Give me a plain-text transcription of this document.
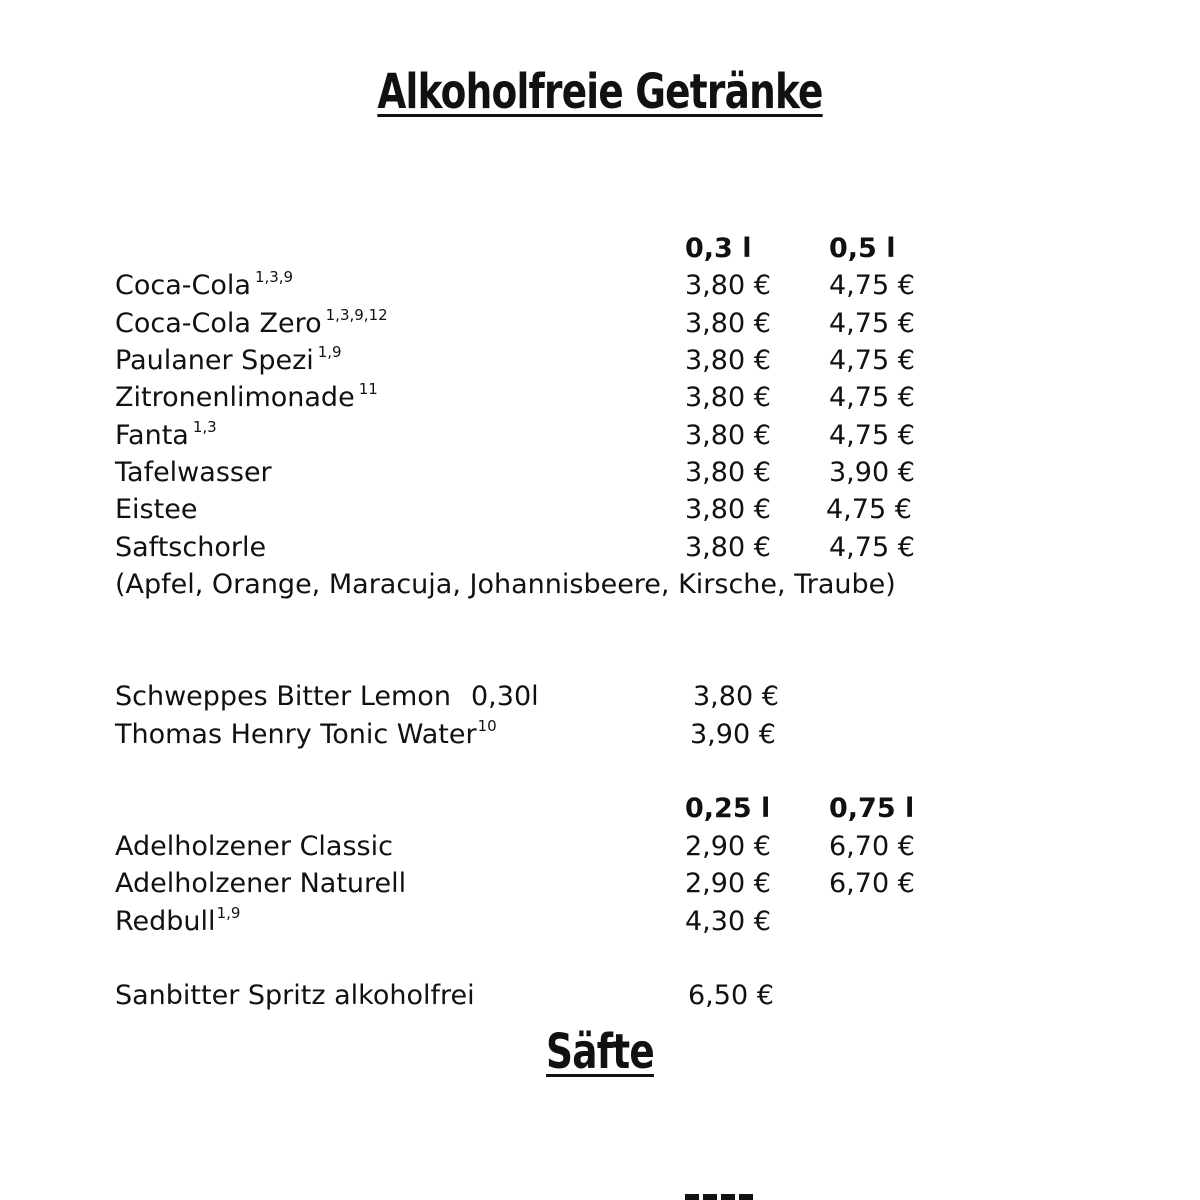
Alkoholfreie Getränke
0,3 l	0,5 l
Coca-Cola $^{1,3,9}$	3,80 € 4,75 €
Coca-Cola Zero $^{1,3,9,12}$	3,80 € 4,75 €
Paulaner Spezi $^{1,9}$	3,80 € 4,75 €
Zitronenlimonade $^{11}$	3,80 € 4,75 €
Fanta $^{1,3}$	3,80 € 4,75 €
Tafelwasser	3,80 € 3,90 €
Eistee	3,80 € 4,75 €
Saftschorle	3,80 € 4,75 €
(Apfel, Orange, Maracuja, Johannisbeere, Kirsche, Traube)
Schweppes Bitter Lemon 0,30l	3,80 €
Thomas Henry Tonic Water$^{10}$	3,90 €
0,25 l 0,75 l
Adelholzener Classic	2,90 € 6,70 €
Adelholzener Naturell	2,90 € 6,70 €
Redbull$^{1,9}$	4,30 €
Sanbitter Spritz alkoholfrei	6,50 €
Säfte
